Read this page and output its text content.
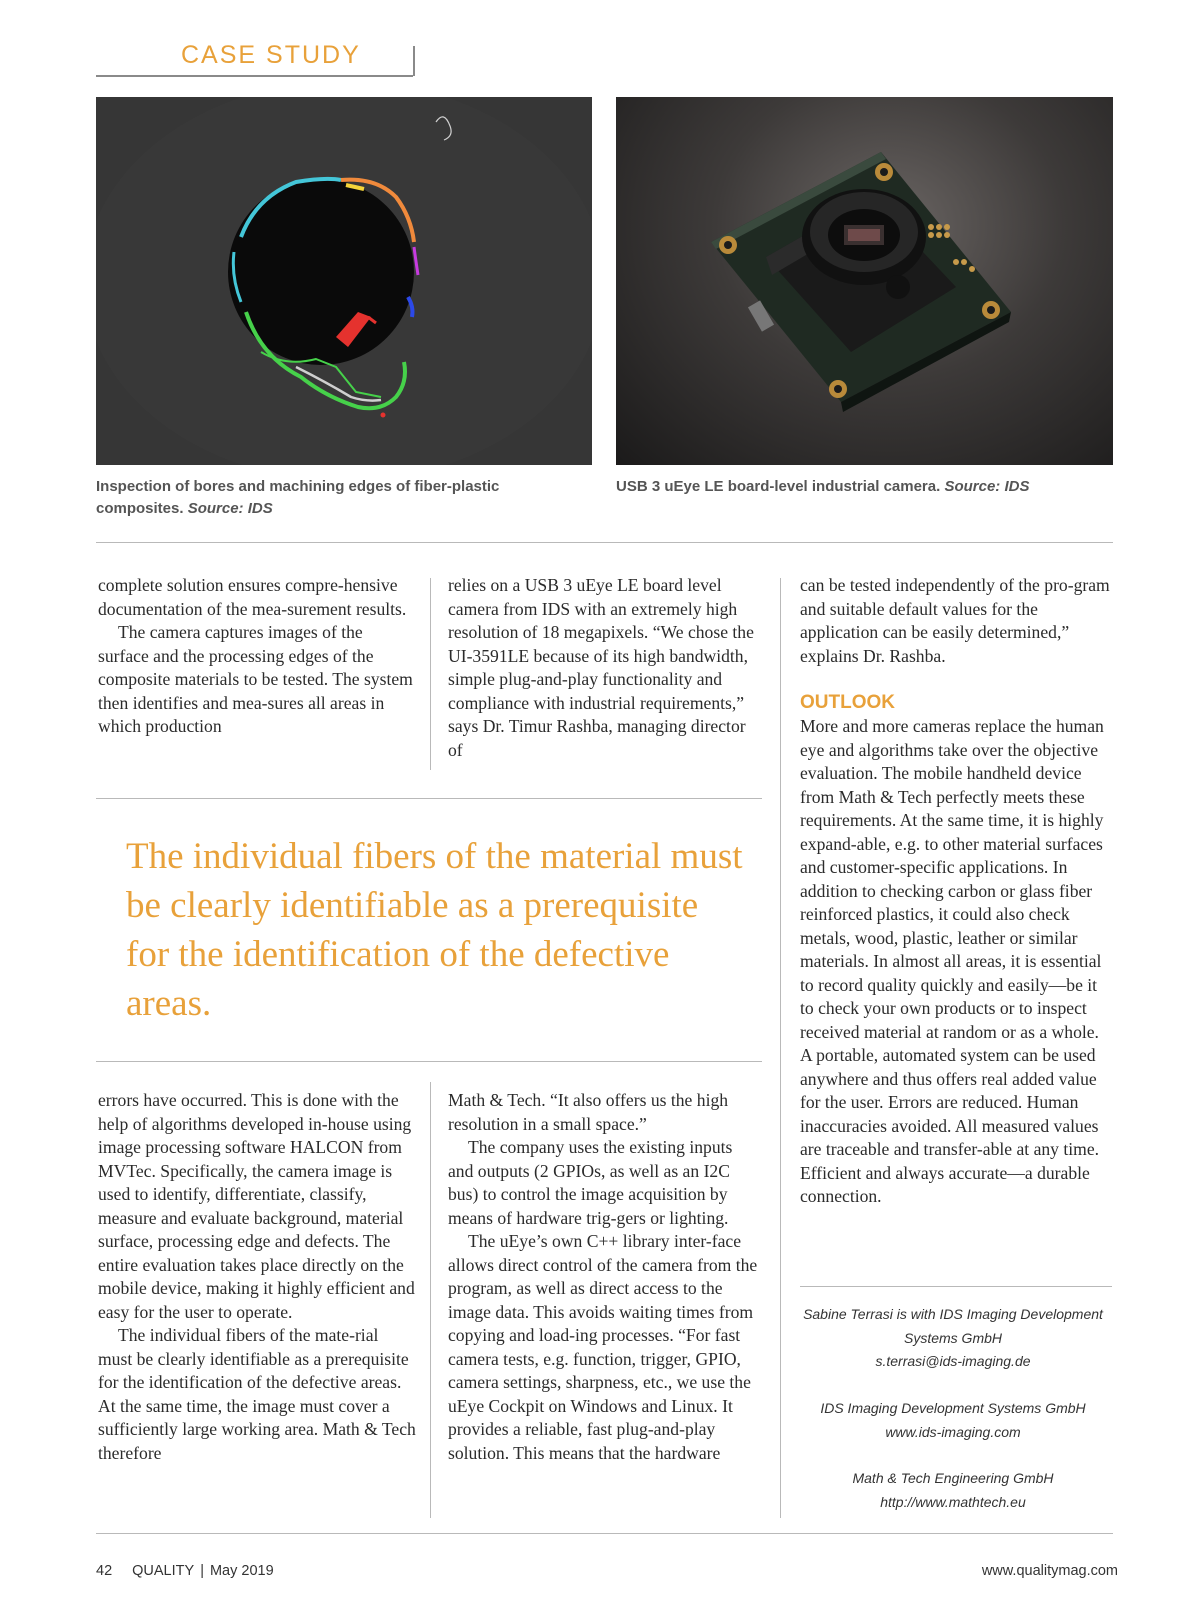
CASE STUDY
Inspection of bores and machining edges of fiber-plastic composites. Source: IDS
USB 3 uEye LE board-level industrial camera. Source: IDS

complete solution ensures compre-hensive documentation of the mea-surement results.

The camera captures images of the surface and the processing edges of the composite materials to be tested. The system then identifies and mea-sures all areas in which production

relies on a USB 3 uEye LE board level camera from IDS with an extremely high resolution of 18 megapixels. “We chose the UI-3591LE because of its high bandwidth, simple plug-and-play functionality and compliance with industrial requirements,” says Dr. Timur Rashba, managing director of

The individual fibers of the material must be clearly identifiable as a prerequisite for the identification of the defective areas.

errors have occurred. This is done with the help of algorithms developed in-house using image processing software HALCON from MVTec. Specifically, the camera image is used to identify, differentiate, classify, measure and evaluate background, material surface, processing edge and defects. The entire evaluation takes place directly on the mobile device, making it highly efficient and easy for the user to operate.

The individual fibers of the mate-rial must be clearly identifiable as a prerequisite for the identification of the defective areas. At the same time, the image must cover a sufficiently large working area. Math & Tech therefore

Math & Tech. “It also offers us the high resolution in a small space.”

The company uses the existing inputs and outputs (2 GPIOs, as well as an I2C bus) to control the image acquisition by means of hardware trig-gers or lighting.

The uEye’s own C++ library inter-face allows direct control of the camera from the program, as well as direct access to the image data. This avoids waiting times from copying and load-ing processes. “For fast camera tests, e.g. function, trigger, GPIO, camera settings, sharpness, etc., we use the uEye Cockpit on Windows and Linux. It provides a reliable, fast plug-and-play solution. This means that the hardware

can be tested independently of the pro-gram and suitable default values for the application can be easily determined,” explains Dr. Rashba.

OUTLOOK

More and more cameras replace the human eye and algorithms take over the objective evaluation. The mobile handheld device from Math & Tech perfectly meets these requirements. At the same time, it is highly expand-able, e.g. to other material surfaces and customer-specific applications. In addition to checking carbon or glass fiber reinforced plastics, it could also check metals, wood, plastic, leather or similar materials. In almost all areas, it is essential to record quality quickly and easily—be it to check your own products or to inspect received material at random or as a whole. A portable, automated system can be used anywhere and thus offers real added value for the user. Errors are reduced. Human inaccuracies avoided. All measured values are traceable and transfer-able at any time. Efficient and always accurate—a durable connection.

Sabine Terrasi is with IDS Imaging Development
Systems GmbH
s.terrasi@ids-imaging.de
IDS Imaging Development Systems GmbH
www.ids-imaging.com
Math & Tech Engineering GmbH
http://www.mathtech.eu
42 QUALITY | May 2019	www.qualitymag.com
